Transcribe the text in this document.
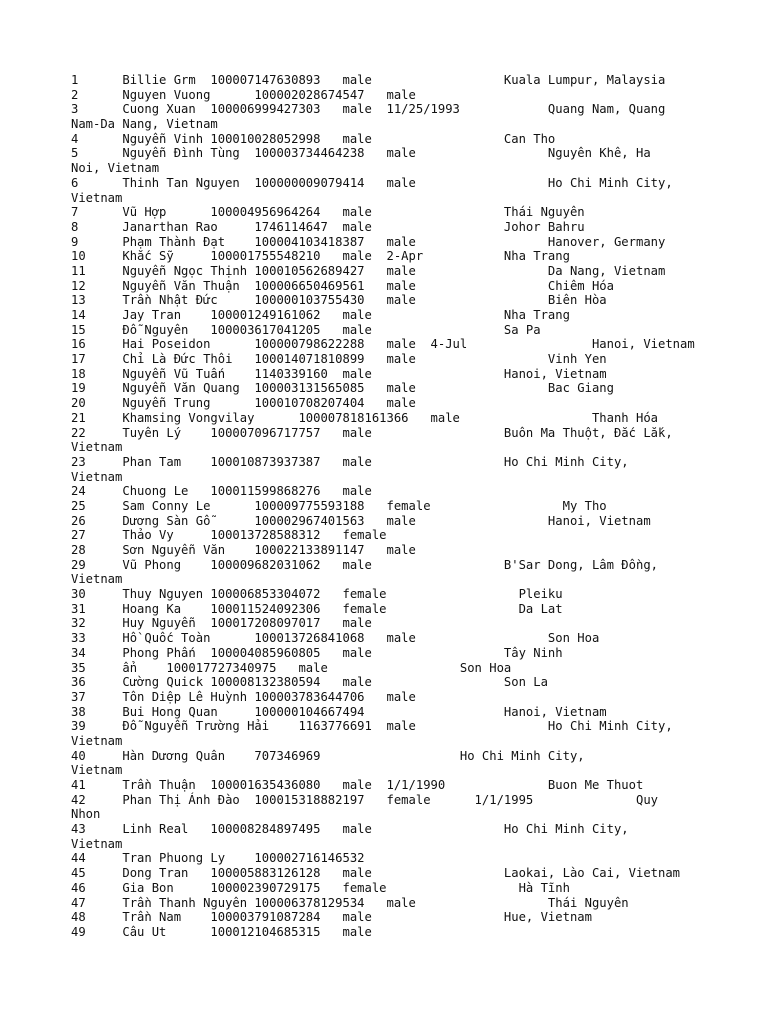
1      Billie Grm  100007147630893   male                  Kuala Lumpur, Malaysia
2      Nguyen Vuong      100002028674547   male
3      Cuong Xuan  100006999427303   male  11/25/1993            Quang Nam, Quang
Nam-Da Nang, Vietnam
4      Nguyễn Vinh 100010028052998   male                  Can Tho
5      Nguyễn Đình Tùng  100003734464238   male                  Nguyên Khê, Ha
Noi, Vietnam
6      Thinh Tan Nguyen  100000009079414   male                  Ho Chi Minh City,
Vietnam
7      Vũ Hợp      100004956964264   male                  Thái Nguyên
8      Janarthan Rao     1746114647  male                  Johor Bahru
9      Phạm Thành Đạt    100004103418387   male                  Hanover, Germany
10     Khắc Sỹ     100001755548210   male  2-Apr           Nha Trang
11     Nguyễn Ngọc Thịnh 100010562689427   male                  Da Nang, Vietnam
12     Nguyễn Văn Thuận  100006650469561   male                  Chiêm Hóa
13     Trần Nhật Đức     100000103755430   male                  Biên Hòa
14     Jay Tran    100001249161062   male                  Nha Trang
15     Đỗ Nguyên   100003617041205   male                  Sa Pa
16     Hai Poseidon      100000798622288   male  4-Jul                 Hanoi, Vietnam
17     Chỉ Là Đức Thôi   100014071810899   male                  Vinh Yen
18     Nguyễn Vũ Tuấn    1140339160  male                  Hanoi, Vietnam
19     Nguyễn Văn Quang  100003131565085   male                  Bac Giang
20     Nguyễn Trung      100010708207404   male
21     Khamsing Vongvilay      100007818161366   male                  Thanh Hóa
22     Tuyên Lý    100007096717757   male                  Buôn Ma Thuột, Đắc Lắk,
Vietnam
23     Phan Tam    100010873937387   male                  Ho Chi Minh City,
Vietnam
24     Chuong Le   100011599868276   male
25     Sam Conny Le      100009775593188   female                  My Tho
26     Dương Sàn Gỗ      100002967401563   male                  Hanoi, Vietnam
27     Thảo Vy     100013728588312   female
28     Sơn Nguyễn Văn    100022133891147   male
29     Vũ Phong    100009682031062   male                  B'Sar Dong, Lâm Đồng,
Vietnam
30     Thuy Nguyen 100006853304072   female                  Pleiku
31     Hoang Ka    100011524092306   female                  Da Lat
32     Huy Nguyễn  100017208097017   male
33     Hồ Quốc Toàn      100013726841068   male                  Son Hoa
34     Phong Phấn  100004085960805   male                  Tây Ninh
35     ẩn    100017727340975   male                  Son Hoa
36     Cường Quick 100008132380594   male                  Son La
37     Tôn Diệp Lê Huỳnh 100003783644706   male
38     Bui Hong Quan     100000104667494                   Hanoi, Vietnam
39     Đỗ Nguyễn Trường Hải    1163776691  male                  Ho Chi Minh City,
Vietnam
40     Hàn Dương Quân    707346969                   Ho Chi Minh City,
Vietnam
41     Trần Thuận  100001635436080   male  1/1/1990              Buon Me Thuot
42     Phan Thị Ánh Đào  100015318882197   female      1/1/1995              Quy
Nhon
43     Linh Real   100008284897495   male                  Ho Chi Minh City,
Vietnam
44     Tran Phuong Ly    100002716146532
45     Dong Tran   100005883126128   male                  Laokai, Lào Cai, Vietnam
46     Gia Bon     100002390729175   female                  Hà Tĩnh
47     Trần Thanh Nguyên 100006378129534   male                  Thái Nguyên
48     Trần Nam    100003791087284   male                  Hue, Vietnam
49     Câu Ut      100012104685315   male
